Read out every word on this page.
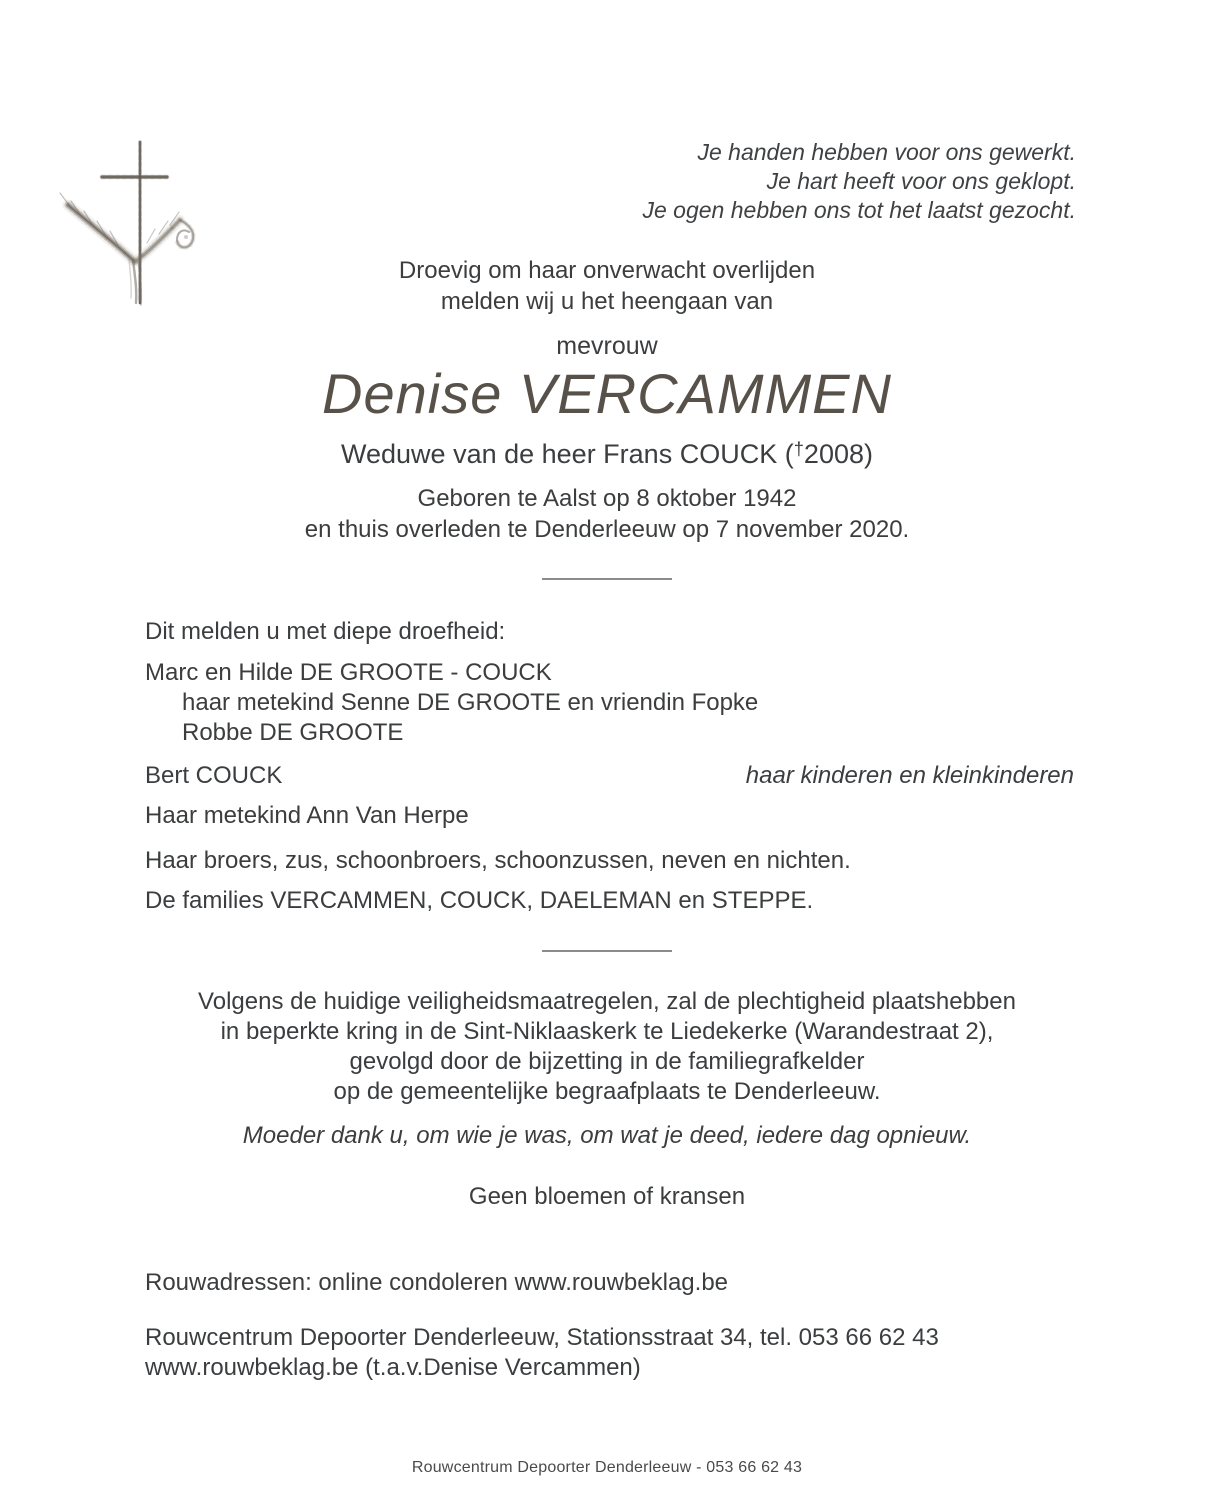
Je handen hebben voor ons gewerkt.
Je hart heeft voor ons geklopt.
Je ogen hebben ons tot het laatst gezocht.
Droevig om haar onverwacht overlijden
melden wij u het heengaan van
mevrouw
Denise VERCAMMEN
Weduwe van de heer Frans COUCK (†2008)
Geboren te Aalst op 8 oktober 1942
en thuis overleden te Denderleeuw op 7 november 2020.
Dit melden u met diepe droefheid:
Marc en Hilde DE GROOTE - COUCK
haar metekind Senne DE GROOTE en vriendin Fopke
Robbe DE GROOTE
Bert COUCK	haar kinderen en kleinkinderen
Haar metekind Ann Van Herpe
Haar broers, zus, schoonbroers, schoonzussen, neven en nichten.
De families VERCAMMEN, COUCK, DAELEMAN en STEPPE.
Volgens de huidige veiligheidsmaatregelen, zal de plechtigheid plaatshebben
in beperkte kring in de Sint-Niklaaskerk te Liedekerke (Warandestraat 2),
gevolgd door de bijzetting in de familiegrafkelder
op de gemeentelijke begraafplaats te Denderleeuw.
Moeder dank u, om wie je was, om wat je deed, iedere dag opnieuw.
Geen bloemen of kransen
Rouwadressen: online condoleren www.rouwbeklag.be
Rouwcentrum Depoorter Denderleeuw, Stationsstraat 34, tel. 053 66 62 43
www.rouwbeklag.be (t.a.v.Denise Vercammen)
Rouwcentrum Depoorter Denderleeuw - 053 66 62 43
